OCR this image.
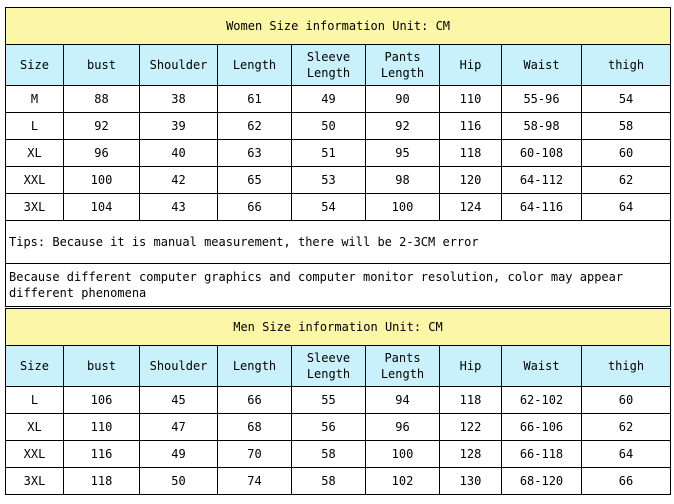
Women Size information Unit: CM								
Size	bust	Shoulder	Length	Sleeve Length	Pants Length	Hip	Waist	thigh
M	88	38	61	49	90	110	55-96	54
L	92	39	62	50	92	116	58-98	58
XL	96	40	63	51	95	118	60-108	60
XXL	100	42	65	53	98	120	64-112	62
3XL	104	43	66	54	100	124	64-116	64
Tips: Because it is manual measurement, there will be 2-3CM error								
Because different computer graphics and computer monitor resolution, color may appear different phenomena								
Men Size information Unit: CM								
Size	bust	Shoulder	Length	Sleeve Length	Pants Length	Hip	Waist	thigh
L	106	45	66	55	94	118	62-102	60
XL	110	47	68	56	96	122	66-106	62
XXL	116	49	70	58	100	128	66-118	64
3XL	118	50	74	58	102	130	68-120	66
